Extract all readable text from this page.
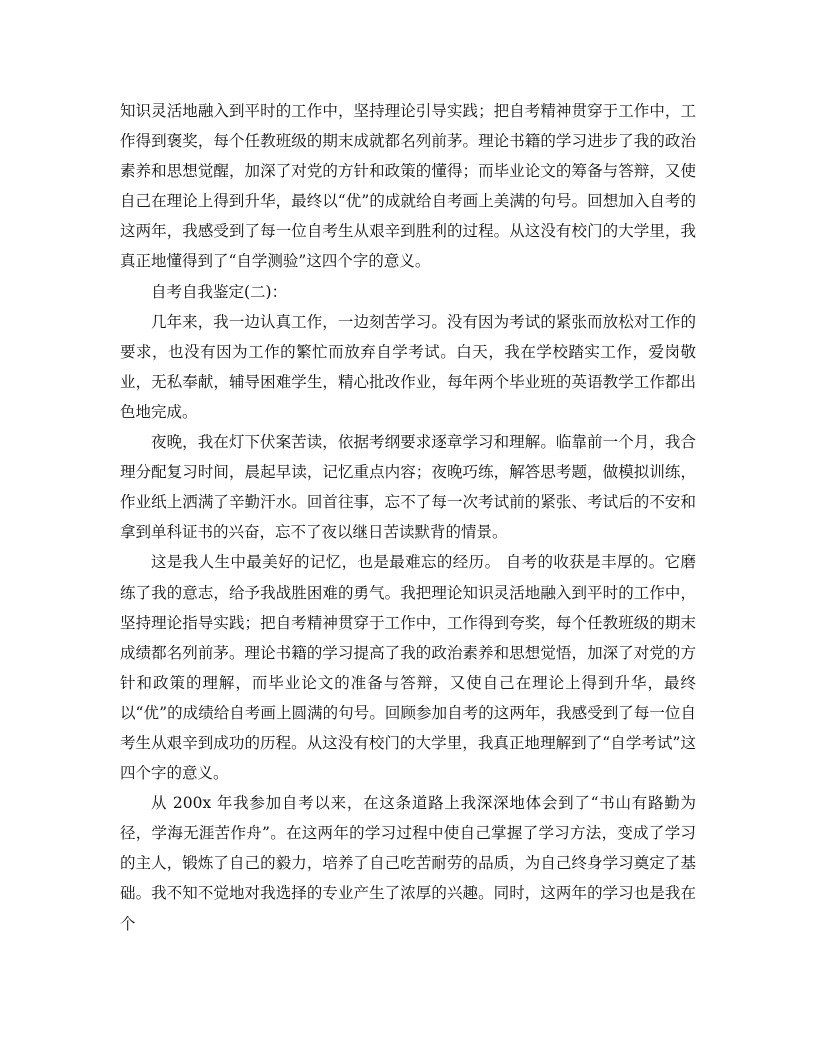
知识灵活地融入到平时的工作中，坚持理论引导实践；把自考精神贯穿于工作中，工作得到褒奖，每个任教班级的期末成就都名列前茅。理论书籍的学习进步了我的政治素养和思想觉醒，加深了对党的方针和政策的懂得；而毕业论文的筹备与答辩，又使自己在理论上得到升华，最终以“优”的成就给自考画上美满的句号。回想加入自考的这两年，我感受到了每一位自考生从艰辛到胜利的过程。从这没有校门的大学里，我真正地懂得到了“自学测验”这四个字的意义。

自考自我鉴定(二)：

几年来，我一边认真工作，一边刻苦学习。没有因为考试的紧张而放松对工作的要求，也没有因为工作的繁忙而放弃自学考试。白天，我在学校踏实工作，爱岗敬业，无私奉献，辅导困难学生，精心批改作业，每年两个毕业班的英语教学工作都出色地完成。

夜晚，我在灯下伏案苦读，依据考纲要求逐章学习和理解。临靠前一个月，我合理分配复习时间，晨起早读，记忆重点内容；夜晚巧练，解答思考题，做模拟训练，作业纸上洒满了辛勤汗水。回首往事，忘不了每一次考试前的紧张、考试后的不安和拿到单科证书的兴奋，忘不了夜以继日苦读默背的情景。

这是我人生中最美好的记忆，也是最难忘的经历。 自考的收获是丰厚的。它磨练了我的意志，给予我战胜困难的勇气。我把理论知识灵活地融入到平时的工作中，坚持理论指导实践；把自考精神贯穿于工作中，工作得到夸奖，每个任教班级的期末成绩都名列前茅。理论书籍的学习提高了我的政治素养和思想觉悟，加深了对党的方针和政策的理解，而毕业论文的准备与答辩，又使自己在理论上得到升华，最终以“优”的成绩给自考画上圆满的句号。回顾参加自考的这两年，我感受到了每一位自考生从艰辛到成功的历程。从这没有校门的大学里，我真正地理解到了“自学考试”这四个字的意义。

从 200x 年我参加自考以来，在这条道路上我深深地体会到了“书山有路勤为径，学海无涯苦作舟”。在这两年的学习过程中使自己掌握了学习方法，变成了学习的主人，锻炼了自己的毅力，培养了自己吃苦耐劳的品质，为自己终身学习奠定了基础。我不知不觉地对我选择的专业产生了浓厚的兴趣。同时，这两年的学习也是我在个
